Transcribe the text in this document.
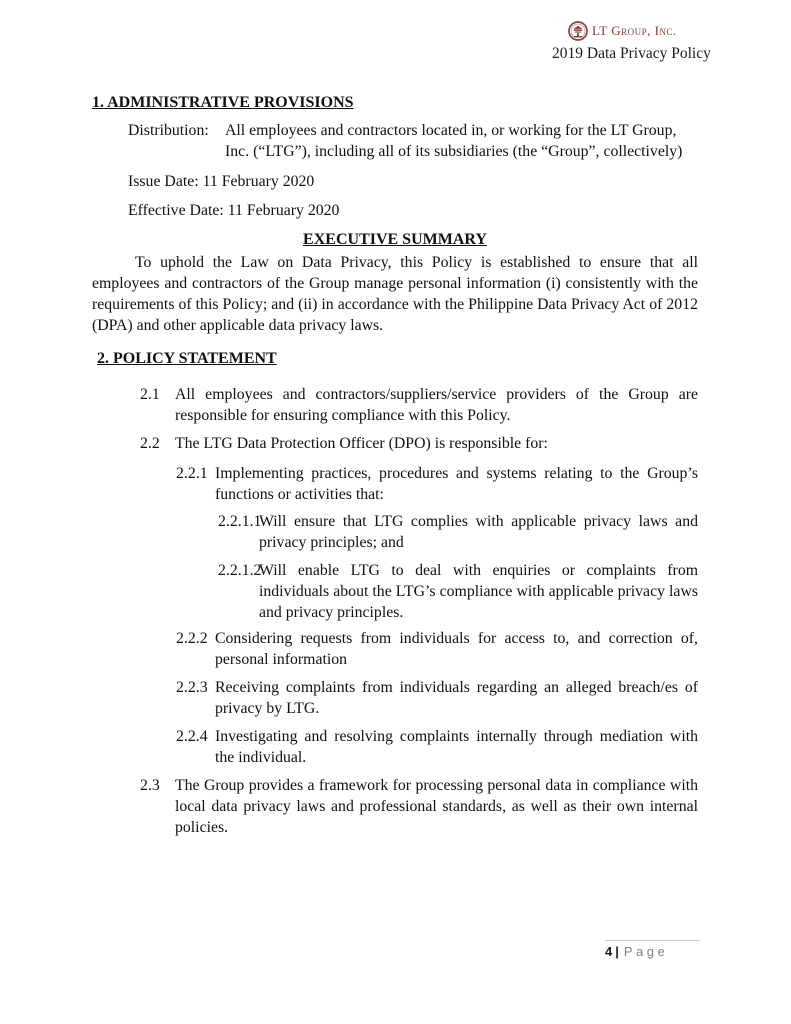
LT Group, Inc.
2019 Data Privacy Policy
1. ADMINISTRATIVE PROVISIONS
Distribution:	All employees and contractors located in, or working for the LT Group, Inc. (“LTG”), including all of its subsidiaries (the “Group”, collectively)

Issue Date: 11 February 2020

Effective Date: 11 February 2020

EXECUTIVE SUMMARY

To uphold the Law on Data Privacy, this Policy is established to ensure that all employees and contractors of the Group manage personal information (i) consistently with the requirements of this Policy; and (ii) in accordance with the Philippine Data Privacy Act of 2012 (DPA) and other applicable data privacy laws.

2. POLICY STATEMENT
2.1 All employees and contractors/suppliers/service providers of the Group are responsible for ensuring compliance with this Policy.
2.2 The LTG Data Protection Officer (DPO) is responsible for:
2.2.1 Implementing practices, procedures and systems relating to the Group’s functions or activities that:
2.2.1.1
Will ensure that LTG complies with applicable privacy laws and privacy principles; and
2.2.1.2
Will enable LTG to deal with enquiries or complaints from individuals about the LTG’s compliance with applicable privacy laws and privacy principles.
2.2.2 Considering requests from individuals for access to, and correction of, personal information
2.2.3 Receiving complaints from individuals regarding an alleged breach/es of privacy by LTG.
2.2.4 Investigating and resolving complaints internally through mediation with the individual.
2.3 The Group provides a framework for processing personal data in compliance with local data privacy laws and professional standards, as well as their own internal policies.
4 | Page
